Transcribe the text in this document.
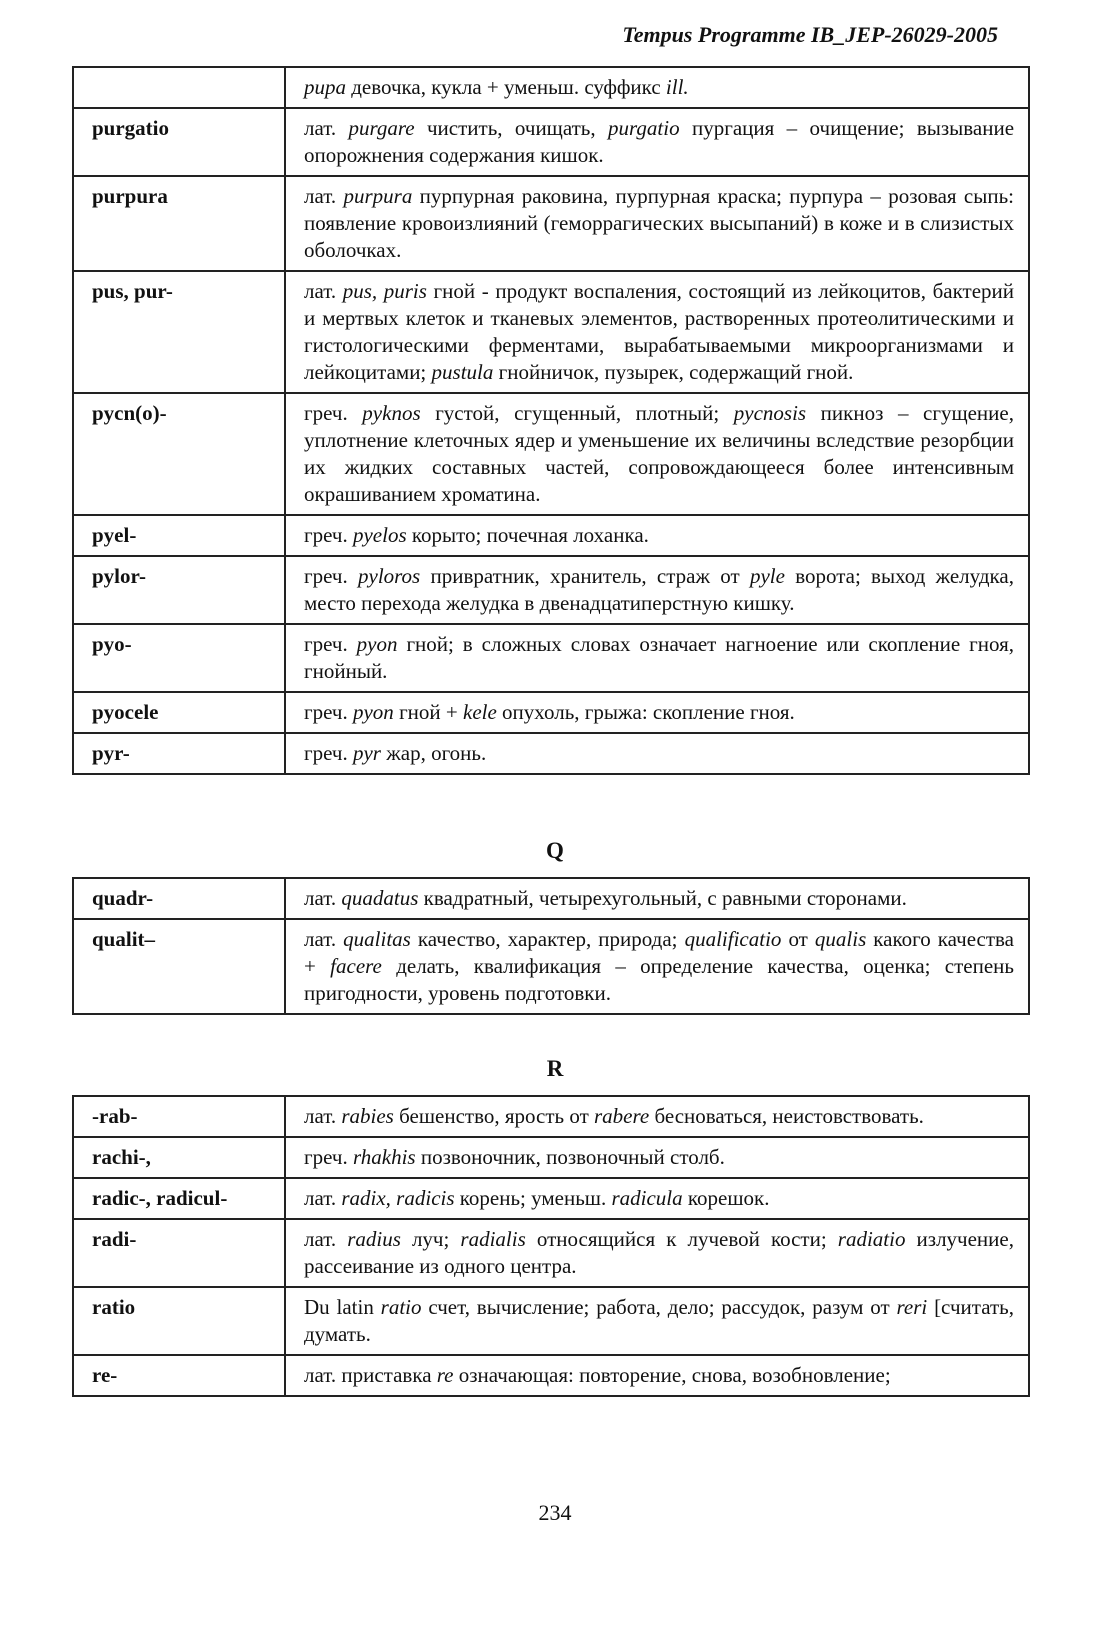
Tempus Programme IB_JEP-26029-2005
	pupa девочка, кукла + уменьш. суффикс ill.
purgatio	лат. purgare чистить, очищать, purgatio пургация – очищение; вызывание опорожнения содержания кишок.
purpura	лат. purpura пурпурная раковина, пурпурная краска; пурпура – розовая сыпь: появление кровоизлияний (геморрагических высыпаний) в коже и в слизистых оболочках.
pus, pur-	лат. pus, puris гной - продукт воспаления, состоящий из лейкоцитов, бактерий и мертвых клеток и тканевых элементов, растворенных протеолитическими и гистологическими ферментами, вырабатываемыми микроорганизмами и лейкоцитами; pustula гнойничок, пузырек, содержащий гной.
pycn(o)-	греч. pyknos густой, сгущенный, плотный; pycnosis пикноз – сгущение, уплотнение клеточных ядер и уменьшение их величины вследствие резорбции их жидких составных частей, сопровождающееся более интенсивным окрашиванием хроматина.
pyel-	греч. pyelos корыто; почечная лоханка.
pylor-	греч. pyloros привратник, хранитель, страж от pyle ворота; выход желудка, место перехода желудка в двенадцатиперстную кишку.
pyo-	греч. pyon гной; в сложных словах означает нагноение или скопление гноя, гнойный.
pyocele	греч. pyon гной + kele опухоль, грыжа: скопление гноя.
pyr-	греч. pyr жар, огонь.
Q
quadr-	лат. quadatus квадратный, четырехугольный, с равными сторонами.
qualit–	лат. qualitas качество, характер, природа; qualificatio от qualis какого качества + facere делать, квалификация – определение качества, оценка; степень пригодности, уровень подготовки.
R
-rab-	лат. rabies бешенство, ярость от rabere бесноваться, неистовствовать.
rachi-,	греч. rhakhis позвоночник, позвоночный столб.
radic-, radicul-	лат. radix, radicis корень; уменьш. radicula корешок.
radi-	лат. radius луч; radialis относящийся к лучевой кости; radiatio излучение, рассеивание из одного центра.
ratio	Du latin ratio счет, вычисление; работа, дело; рассудок, разум от reri [считать, думать.
re-	лат. приставка re означающая: повторение, снова, возобновление;
234
